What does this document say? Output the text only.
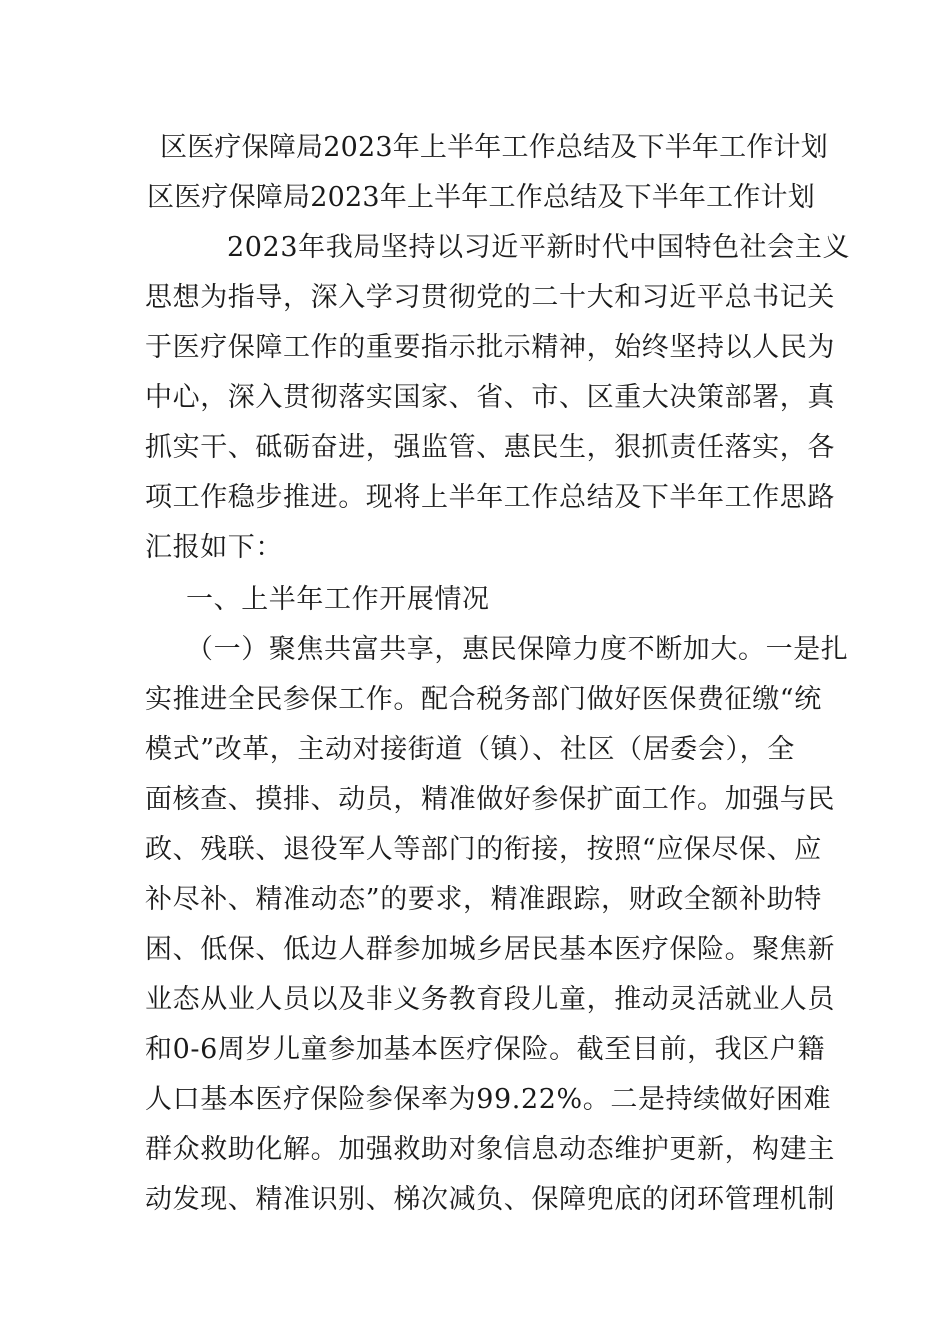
区医疗保障局2023年上半年工作总结及下半年工作计划
区医疗保障局2023年上半年工作总结及下半年工作计划
2023年我局坚持以习近平新时代中国特色社会主义
思想为指导，深入学习贯彻党的二十大和习近平总书记关
于医疗保障工作的重要指示批示精神，始终坚持以人民为
中心，深入贯彻落实国家、省、市、区重大决策部署，真
抓实干、砥砺奋进，强监管、惠民生，狠抓责任落实，各
项工作稳步推进。现将上半年工作总结及下半年工作思路
汇报如下：
一、上半年工作开展情况
（一）聚焦共富共享，惠民保障力度不断加大。一是扎
实推进全民参保工作。配合税务部门做好医保费征缴“统
模式”改革，主动对接街道（镇）、社区（居委会），全
面核查、摸排、动员，精准做好参保扩面工作。加强与民
政、残联、退役军人等部门的衔接，按照“应保尽保、应
补尽补、精准动态”的要求，精准跟踪，财政全额补助特
困、低保、低边人群参加城乡居民基本医疗保险。聚焦新
业态从业人员以及非义务教育段儿童，推动灵活就业人员
和0-6周岁儿童参加基本医疗保险。截至目前，我区户籍
人口基本医疗保险参保率为99.22%。二是持续做好困难
群众救助化解。加强救助对象信息动态维护更新，构建主
动发现、精准识别、梯次减负、保障兜底的闭环管理机制
